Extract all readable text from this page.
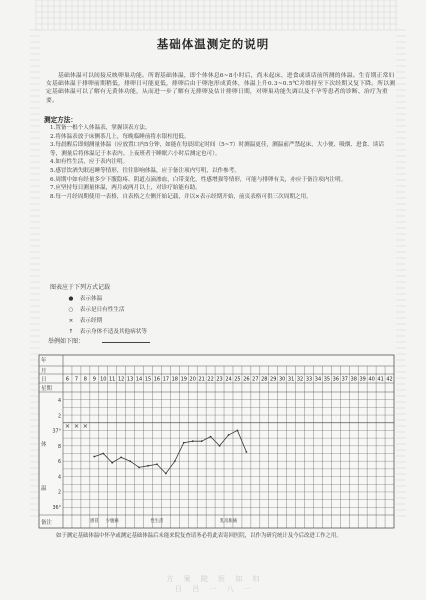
基础体温测定的说明

基础体温可以间接反映卵巢功能。所谓基础体温，即个体休息6~8小时后，尚未起床、进食或谈话前所测的体温。生育期正常妇女基础体温于排卵前期稍低，排卵日可能更低，排卵后由于卵泡形成黄体，体温上升0.3~0.5℃并维持至下次经期又复下降。所以测定基础体温可以了解有无黄体功能，从而进一步了解有无排卵及估计排卵日期，对卵巢功能失调以及不孕等患者的诊断、治疗为重要。

测定方法：

1.置备一根个人体温表，掌握读表方法。

2.将体温表放于床侧茶几上，每晚临睡前将水银柱甩低。

3.每晨醒后即刻测量体温（应放置口内5分钟，如能在每晨固定时间（5~7）时测温更佳，测温前严禁起床、大小便、吸烟、进食、谈话等，测量后将体温记于本表内。上夜班者于睡眠六小时后测定也可）。

4.如有性生活，应于表内注明。

5.感冒饮酒失眠迟睡等情形，往往影响体温，应于备注项内写明，以作参考。

6.周期中如有经量多少下腹隐疼、阴道点滴渗血，白带变化，性感增强等情形，可能与排卵有关，亦应于备注项内注明。

7.应坚持每日测量体温，两月或两月以上，对诊疗始能有助。

8.每一月经周期使用一表格，自表格之左侧开始记载，并以×表示经期开始，前页表格可供三次周期之用。

图表应于下列方式记载
● 表示体温
○ 表示是日有性生活
× 表示经期
↑ 表示身体不适及其他病状等
举例如下图：
年
月
日
星期
体
温
备注
4
2
37°
8
6
4
2
36°
6 7 8 9 10 11 12 13 14 15 16 17 18 19 20 21 22 23 24 25 26 27 28 29 30 31 32 33 34 35 36 37 38 39 40 41 42
× × ×
感冒 少腹痛	性生活	乳房胀痛

如于测定基础体温中怀孕或测定基础体温后未能来院复查请务必将此表寄回医院，以作为研究统计及今后改进工作之用。

方 案 院 医 如 妇
日 吕 一 八 一
